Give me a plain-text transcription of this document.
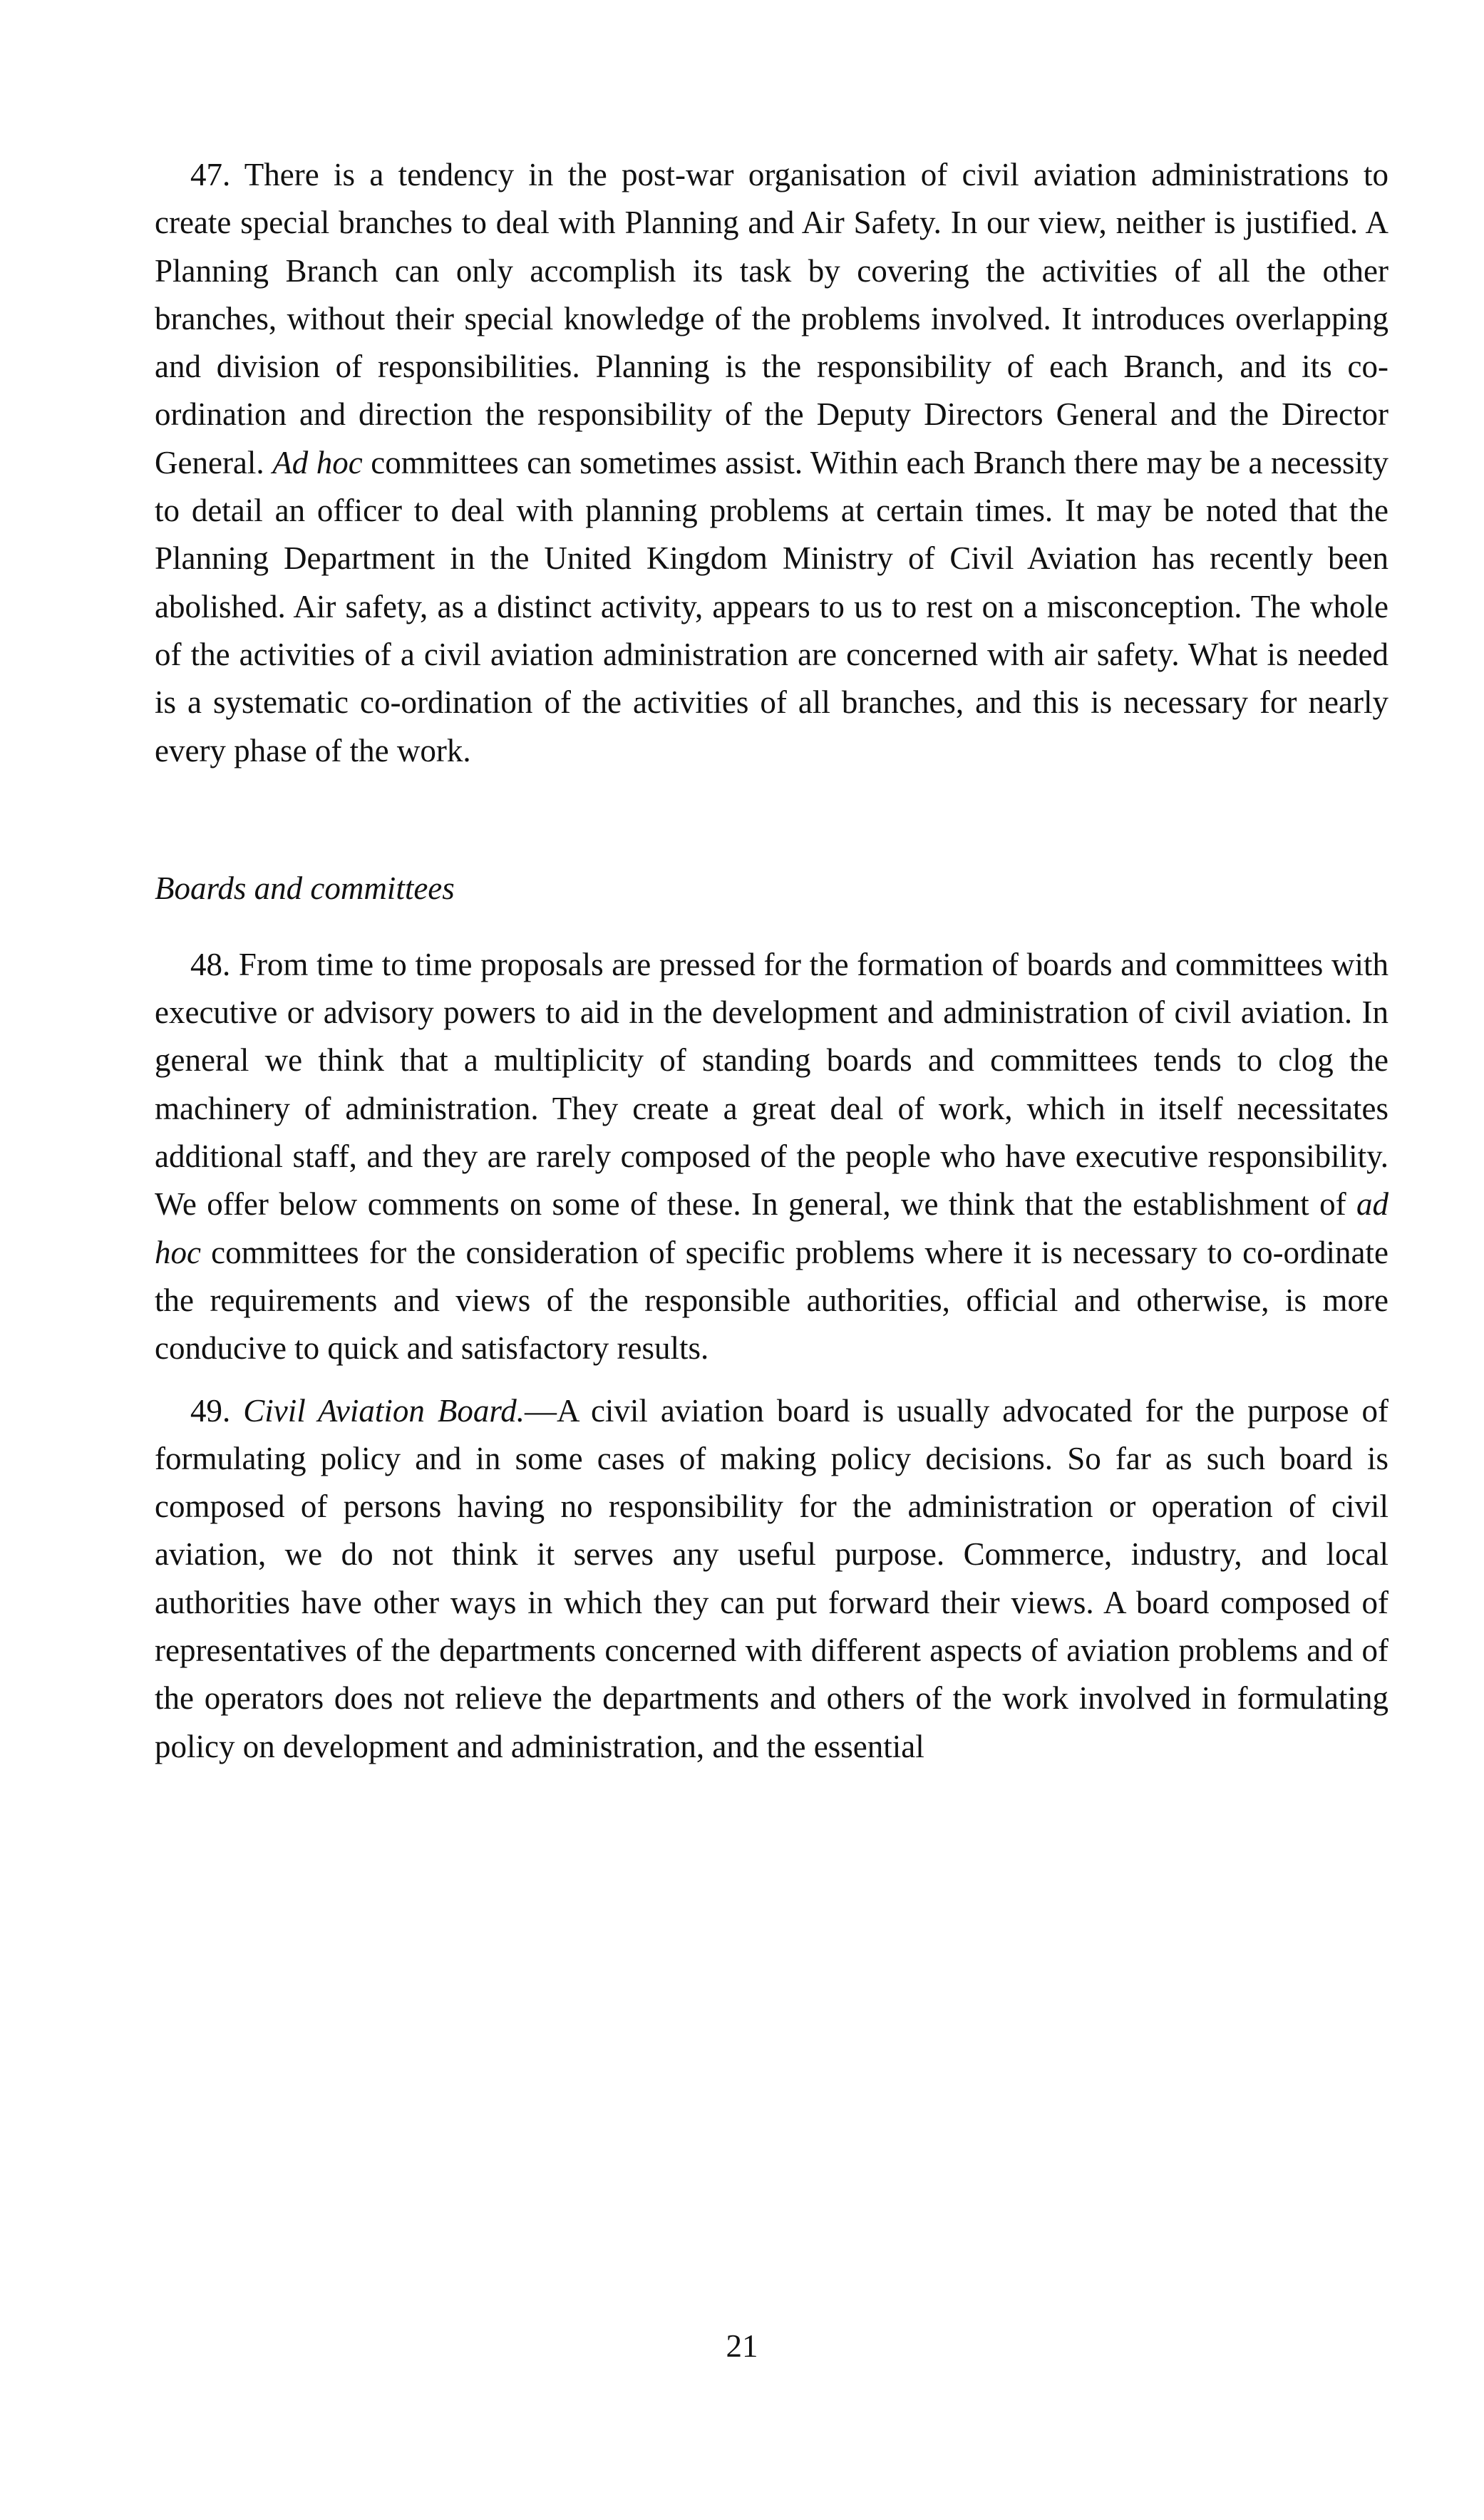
47. There is a tendency in the post-war organisation of civil aviation administrations to create special branches to deal with Planning and Air Safety. In our view, neither is justified. A Planning Branch can only accomplish its task by covering the activities of all the other branches, without their special knowledge of the problems involved. It introduces overlapping and division of responsibilities. Planning is the responsibility of each Branch, and its co-ordination and direction the responsibility of the Deputy Directors General and the Director General. Ad hoc committees can sometimes assist. Within each Branch there may be a necessity to detail an officer to deal with planning problems at certain times. It may be noted that the Planning Department in the United Kingdom Ministry of Civil Aviation has recently been abolished. Air safety, as a distinct activity, appears to us to rest on a misconception. The whole of the activities of a civil aviation administration are concerned with air safety. What is needed is a systematic co-ordination of the activities of all branches, and this is necessary for nearly every phase of the work.

Boards and committees

48. From time to time proposals are pressed for the formation of boards and committees with executive or advisory powers to aid in the development and administration of civil aviation. In general we think that a multiplicity of standing boards and committees tends to clog the machinery of administration. They create a great deal of work, which in itself necessitates additional staff, and they are rarely composed of the people who have executive responsibility. We offer below comments on some of these. In general, we think that the establishment of ad hoc committees for the consideration of specific problems where it is necessary to co-ordinate the requirements and views of the responsible authorities, official and otherwise, is more conducive to quick and satisfactory results.

49. Civil Aviation Board.—A civil aviation board is usually advocated for the purpose of formulating policy and in some cases of making policy decisions. So far as such board is composed of persons having no responsibility for the administration or operation of civil aviation, we do not think it serves any useful purpose. Commerce, industry, and local authorities have other ways in which they can put forward their views. A board composed of representatives of the departments concerned with different aspects of aviation problems and of the operators does not relieve the departments and others of the work involved in formulating policy on development and administration, and the essential

21
